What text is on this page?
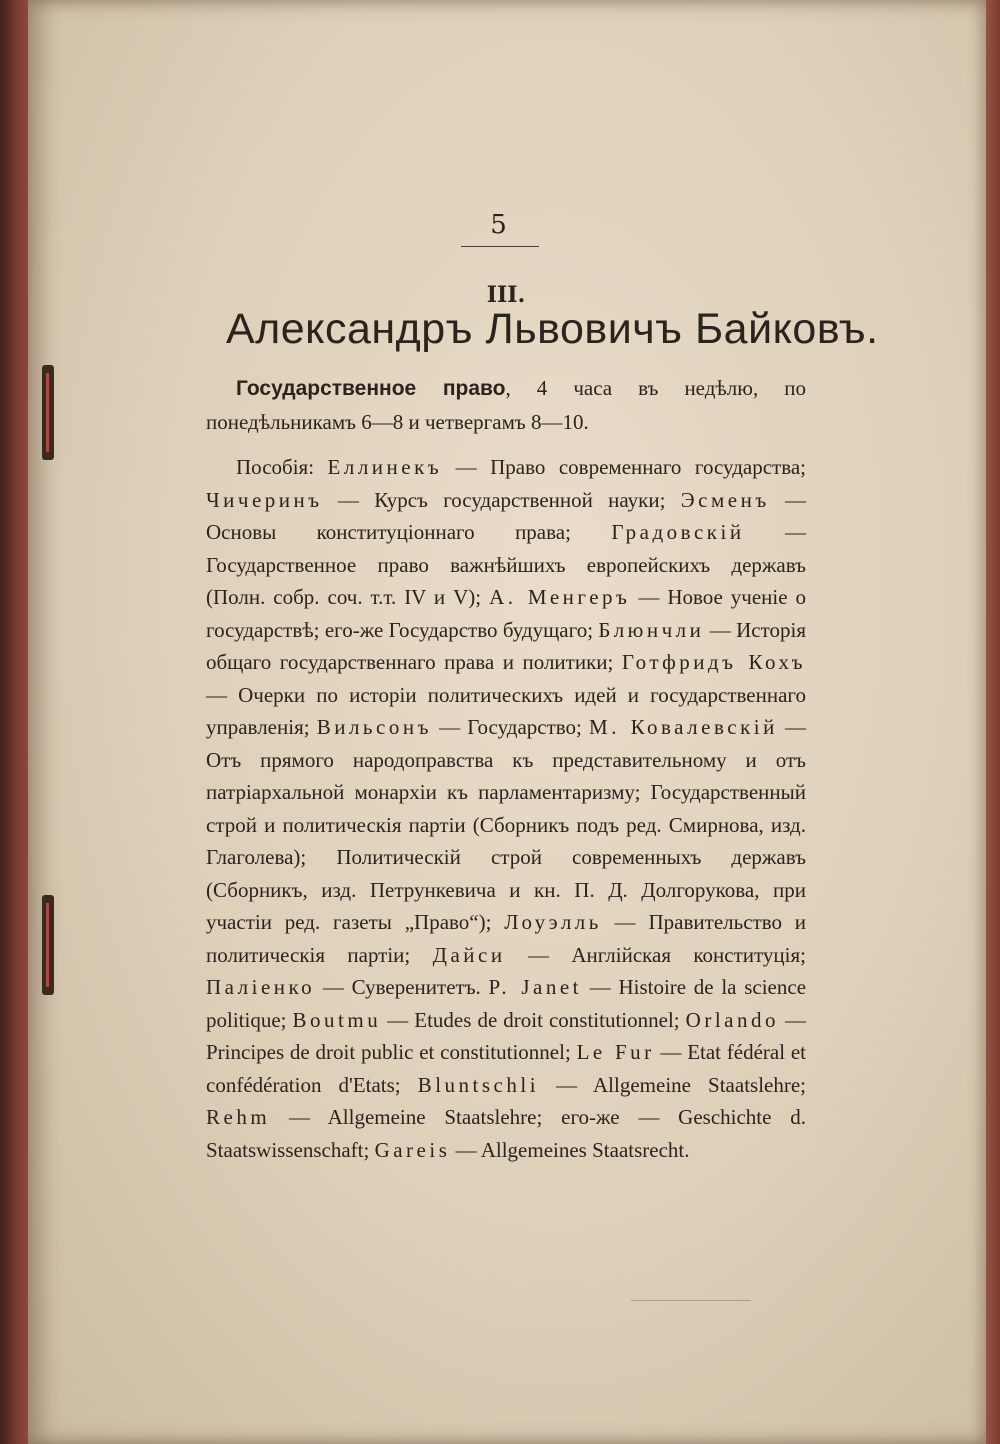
5
III.
Александръ Львовичъ Байковъ.

Государственное право, 4 часа въ недѣлю, по понедѣльникамъ 6—8 и четвергамъ 8—10.

Пособія: Еллинекъ — Право современнаго государства; Чичеринъ — Курсъ государственной науки; Эсменъ — Основы конституціоннаго права; Градовскій — Государственное право важнѣйшихъ европейскихъ державъ (Полн. собр. соч. т.т. IV и V); А. Менгеръ — Новое ученіе о государствѣ; его-же Государство будущаго; Блюнчли — Исторія общаго государственнаго права и политики; Готфридъ Кохъ — Очерки по исторіи политическихъ идей и государственнаго управленія; Вильсонъ — Государство; М. Ковалевскій — Отъ прямого народоправства къ представительному и отъ патріархальной монархіи къ парламентаризму; Государственный строй и политическія партіи (Сборникъ подъ ред. Смирнова, изд. Глаголева); Политическій строй современныхъ державъ (Сборникъ, изд. Петрункевича и кн. П. Д. Долгорукова, при участіи ред. газеты „Право“); Лоуэлль — Правительство и политическія партіи; Дайси — Англійская конституція; Паліенко — Суверенитетъ. P. Janet — Histoire de la science politique; Boutmu — Etudes de droit constitutionnel; Orlando — Principes de droit public et constitutionnel; Le Fur — Etat fédéral et confédération d'Etats; Bluntschli — Allgemeine Staatslehre; Rehm — Allgemeine Staatslehre; его-же — Geschichte d. Staatswissenschaft; Gareis — Allgemeines Staatsrecht.
